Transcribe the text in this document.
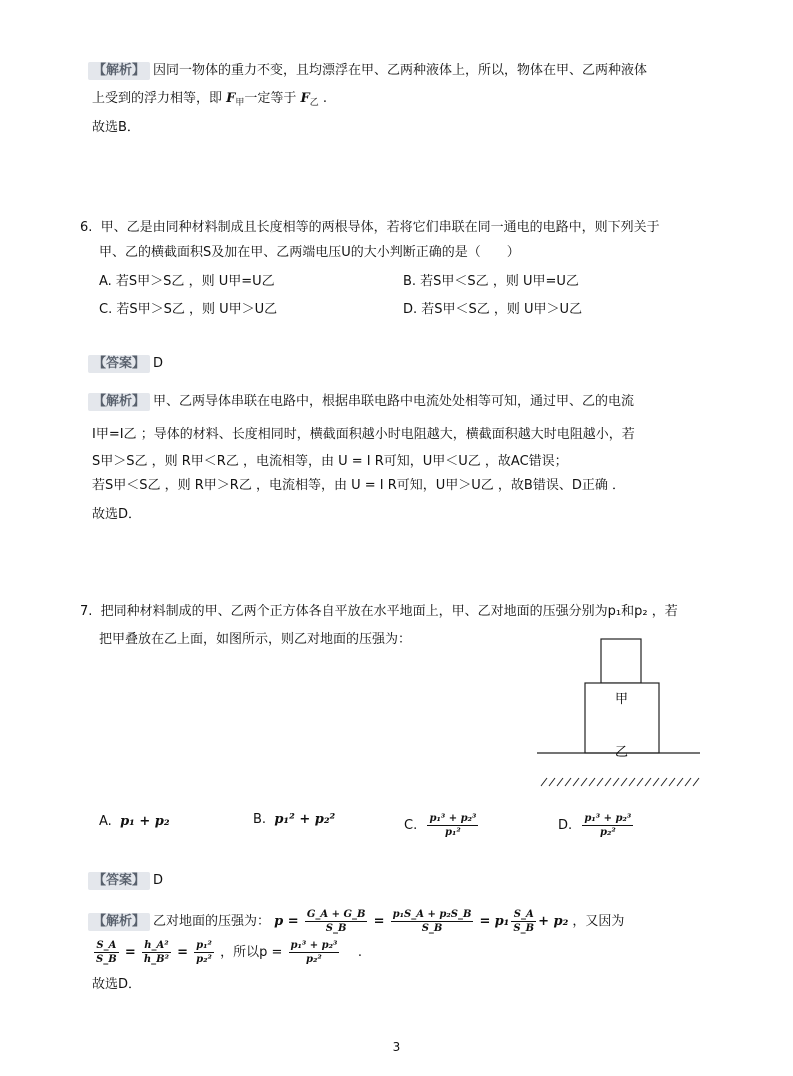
【解析】 因同一物体的重力不变，且均漂浮在甲、乙两种液体上，所以，物体在甲、乙两种液体
上受到的浮力相等，即 $F_甲$一定等于 $F_乙$ .
故选B．
6. 甲、乙是由同种材料制成且长度相等的两根导体，若将它们串联在同一通电的电路中，则下列关于
甲、乙的横截面积S及加在甲、乙两端电压U的大小判断正确的是（　　）
A. 若S甲＞S乙 ，则 U甲=U乙	B. 若S甲＜S乙 ，则 U甲=U乙
C. 若S甲＞S乙 ，则 U甲＞U乙	D. 若S甲＜S乙 ，则 U甲＞U乙
【答案】 D
【解析】 甲、乙两导体串联在电路中，根据串联电路中电流处处相等可知，通过甲、乙的电流
I甲=I乙 ；导体的材料、长度相同时，横截面积越小时电阻越大，横截面积越大时电阻越小，若
S甲＞S乙 ，则 R甲＜R乙 ，电流相等，由 U = I R可知，U甲＜U乙 ，故AC错误；
若S甲＜S乙 ，则 R甲＞R乙 ，电流相等，由 U = I R可知，U甲＞U乙 ，故B错误、D正确 ．
故选D．
7. 把同种材料制成的甲、乙两个正方体各自平放在水平地面上，甲、乙对地面的压强分别为p₁和p₂ ，若
把甲叠放在乙上面，如图所示，则乙对地面的压强为：
甲
乙
A. p₁ + p₂	B. p₁² + p₂²	C. $\frac{\text{p₁³ + p₂³}}{\text{p₁²}}$	D. $\frac{\text{p₁³ + p₂³}}{\text{p₂²}}$
【答案】 D
【解析】 乙对地面的压强为： $p = \frac{G\_A + G\_B}{S\_B} = \frac{\text{p₁S\_A + p₂S\_B}}{S\_B} = p_1 \frac{S\_A}{S\_B} + p_2$ ，又因为
$\frac{S\_A}{S\_B} = \frac{\text{h\_A²}}{\text{h\_B²}} = \frac{\text{p₁²}}{\text{p₂²}}$ ，所以$p = \frac{\text{p₁³ + p₂³}}{\text{p₂²}}$ .
故选D．
3
